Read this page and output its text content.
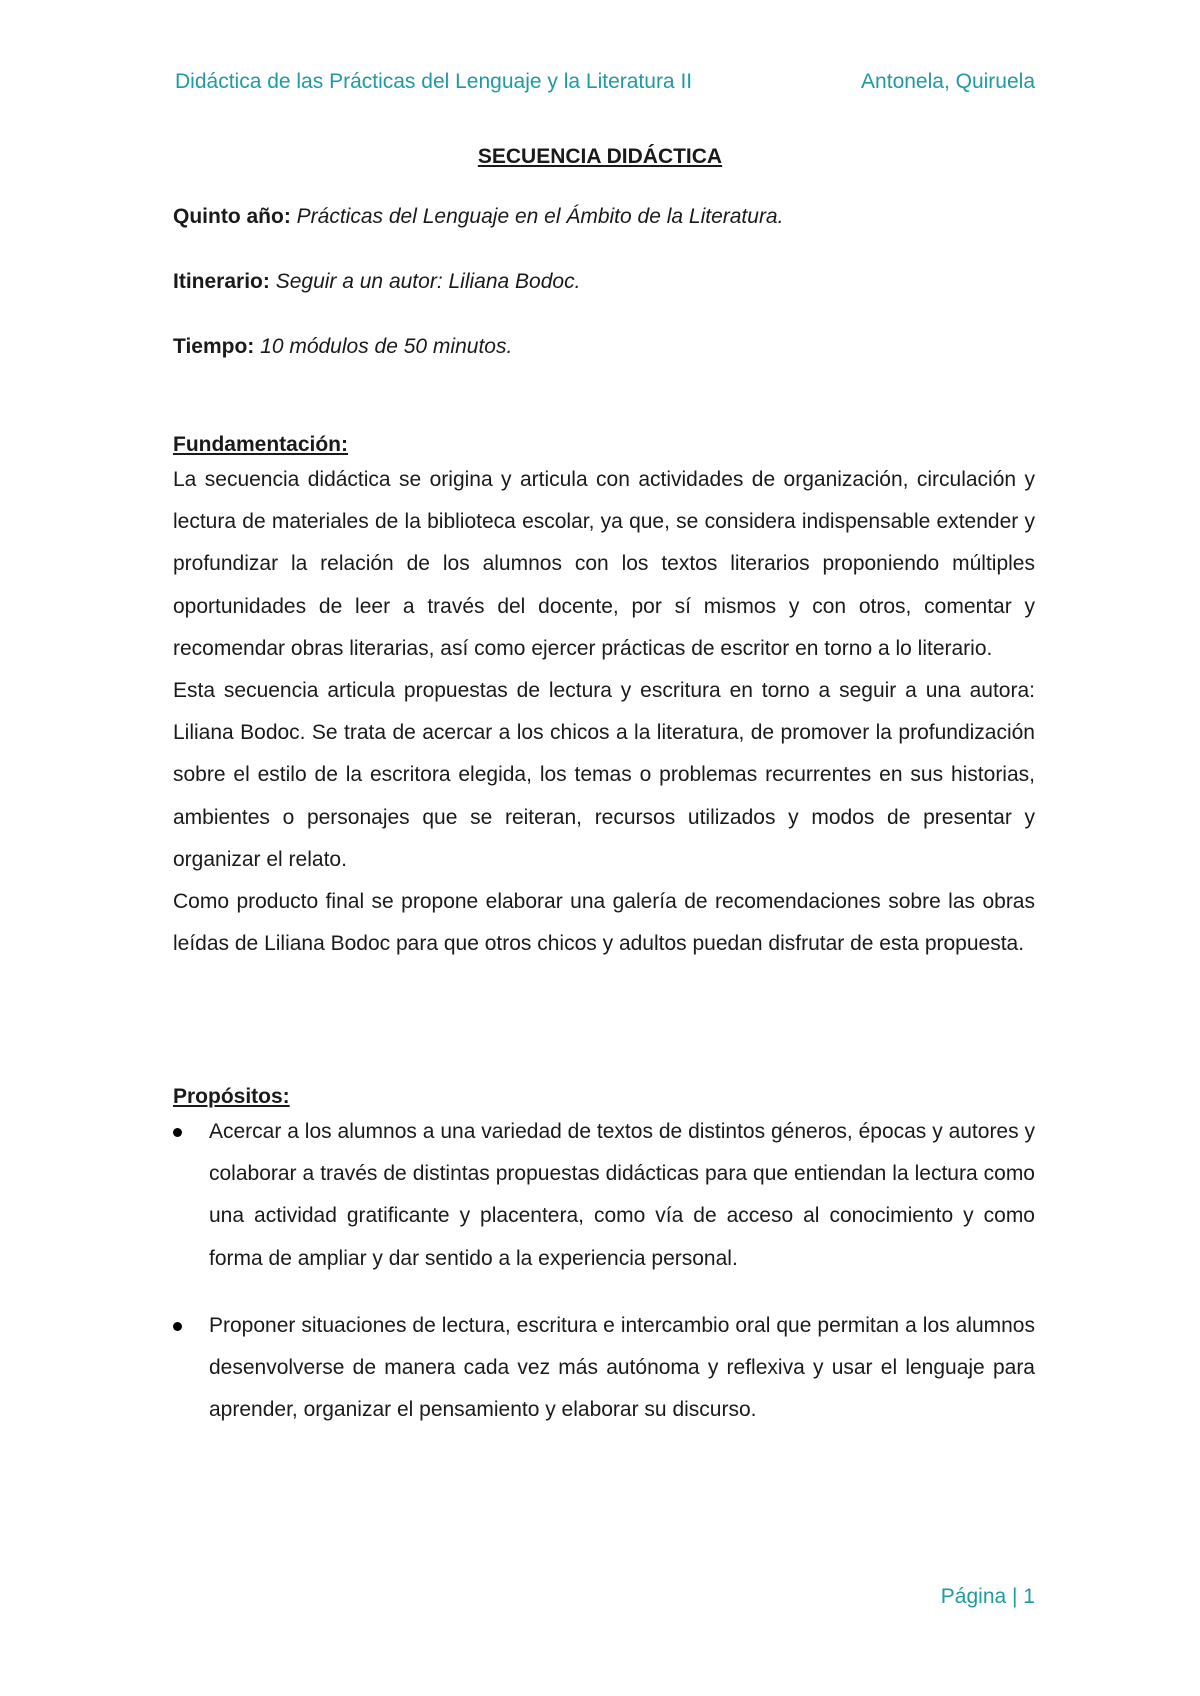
Didáctica de las Prácticas del Lenguaje y la Literatura II	Antonela, Quiruela
SECUENCIA DIDÁCTICA
Quinto año: Prácticas del Lenguaje en el Ámbito de la Literatura.
Itinerario: Seguir a un autor: Liliana Bodoc.
Tiempo: 10 módulos de 50 minutos.
Fundamentación:

La secuencia didáctica se origina y articula con actividades de organización, circulación y lectura de materiales de la biblioteca escolar, ya que, se considera indispensable extender y profundizar la relación de los alumnos con los textos literarios proponiendo múltiples oportunidades de leer a través del docente, por sí mismos y con otros, comentar y recomendar obras literarias, así como ejercer prácticas de escritor en torno a lo literario.

Esta secuencia articula propuestas de lectura y escritura en torno a seguir a una autora: Liliana Bodoc. Se trata de acercar a los chicos a la literatura, de promover la profundización sobre el estilo de la escritora elegida, los temas o problemas recurrentes en sus historias, ambientes o personajes que se reiteran, recursos utilizados y modos de presentar y organizar el relato.

Como producto final se propone elaborar una galería de recomendaciones sobre las obras leídas de Liliana Bodoc para que otros chicos y adultos puedan disfrutar de esta propuesta.

Propósitos:
Acercar a los alumnos a una variedad de textos de distintos géneros, épocas y autores y colaborar a través de distintas propuestas didácticas para que entiendan la lectura como una actividad gratificante y placentera, como vía de acceso al conocimiento y como forma de ampliar y dar sentido a la experiencia personal.
Proponer situaciones de lectura, escritura e intercambio oral que permitan a los alumnos desenvolverse de manera cada vez más autónoma y reflexiva y usar el lenguaje para aprender, organizar el pensamiento y elaborar su discurso.
Página | 1
